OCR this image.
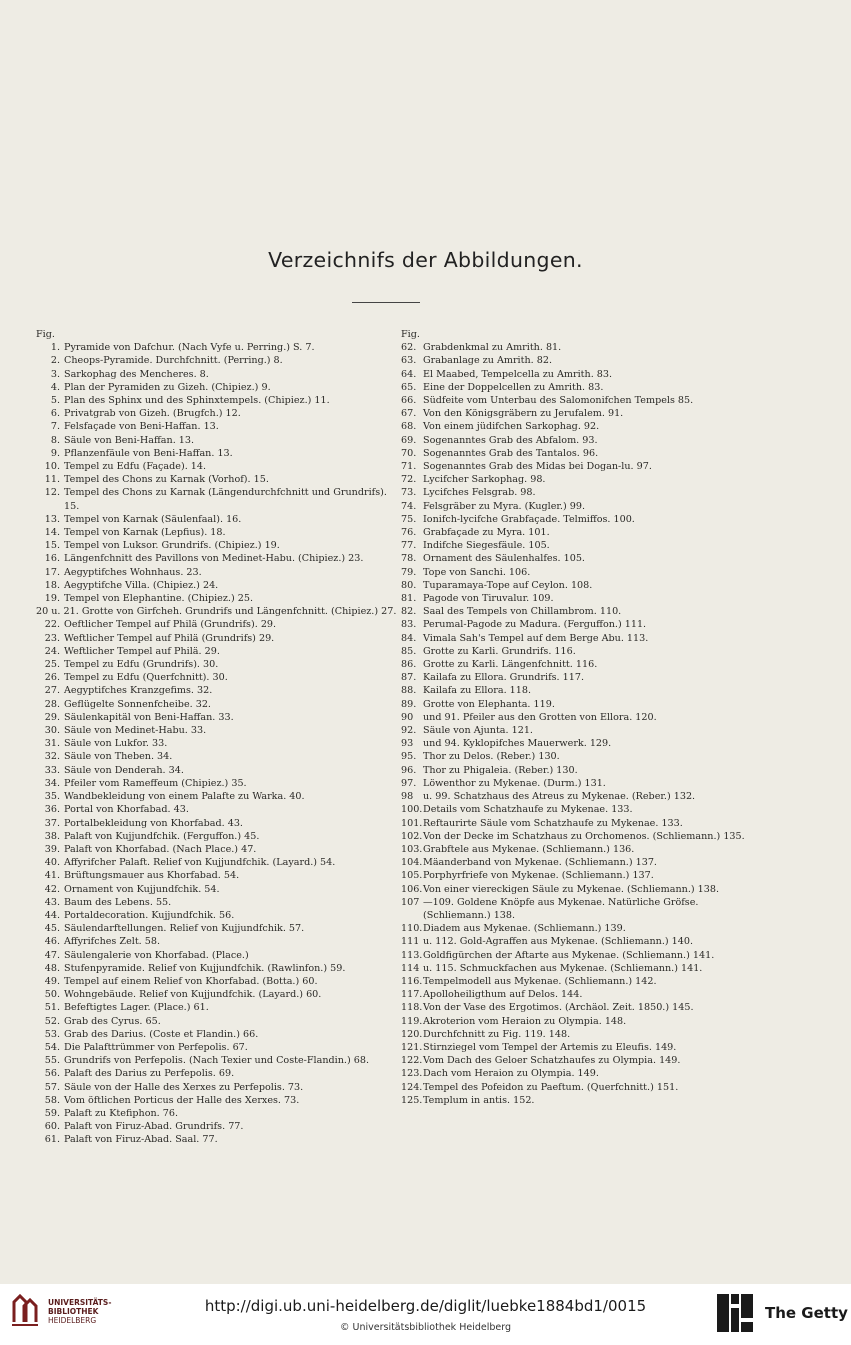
Verzeichnifs der Abbildungen.
Fig.
1. Pyramide von Dafchur. (Nach Vyfe u. Perring.) S. 7.
2. Cheops-Pyramide. Durchfchnitt. (Perring.) 8.
3. Sarkophag des Mencheres. 8.
4. Plan der Pyramiden zu Gizeh. (Chipiez.) 9.
5. Plan des Sphinx und des Sphinxtempels. (Chipiez.) 11.
6. Privatgrab von Gizeh. (Brugfch.) 12.
7. Felsfaçade von Beni-Haffan. 13.
8. Säule von Beni-Haffan. 13.
9. Pflanzenfäule von Beni-Haffan. 13.
10. Tempel zu Edfu (Façade). 14.
11. Tempel des Chons zu Karnak (Vorhof). 15.
12. Tempel des Chons zu Karnak (Längendurchfchnitt und Grundrifs). 15.
13. Tempel von Karnak (Säulenfaal). 16.
14. Tempel von Karnak (Lepfius). 18.
15. Tempel von Luksor. Grundrifs. (Chipiez.) 19.
16. Längenfchnitt des Pavillons von Medinet-Habu. (Chipiez.) 23.
17. Aegyptifches Wohnhaus. 23.
18. Aegyptifche Villa. (Chipiez.) 24.
19. Tempel von Elephantine. (Chipiez.) 25.
20 u. 21. Grotte von Girfcheh. Grundrifs und Längenfchnitt. (Chipiez.) 27.
22. Oeftlicher Tempel auf Philä (Grundrifs). 29.
23. Weftlicher Tempel auf Philä (Grundrifs) 29.
24. Weftlicher Tempel auf Philä. 29.
25. Tempel zu Edfu (Grundrifs). 30.
26. Tempel zu Edfu (Querfchnitt). 30.
27. Aegyptifches Kranzgefims. 32.
28. Geflügelte Sonnenfcheibe. 32.
29. Säulenkapitäl von Beni-Haffan. 33.
30. Säule von Medinet-Habu. 33.
31. Säule von Lukfor. 33.
32. Säule von Theben. 34.
33. Säule von Denderah. 34.
34. Pfeiler vom Rameffeum (Chipiez.) 35.
35. Wandbekleidung von einem Palafte zu Warka. 40.
36. Portal von Khorfabad. 43.
37. Portalbekleidung von Khorfabad. 43.
38. Palaft von Kujjundfchik. (Ferguffon.) 45.
39. Palaft von Khorfabad. (Nach Place.) 47.
40. Affyrifcher Palaft. Relief von Kujjundfchik. (Layard.) 54.
41. Brüftungsmauer aus Khorfabad. 54.
42. Ornament von Kujjundfchik. 54.
43. Baum des Lebens. 55.
44. Portaldecoration. Kujjundfchik. 56.
45. Säulendarftellungen. Relief von Kujjundfchik. 57.
46. Affyrifches Zelt. 58.
47. Säulengalerie von Khorfabad. (Place.)
48. Stufenpyramide. Relief von Kujjundfchik. (Rawlinfon.) 59.
49. Tempel auf einem Relief von Khorfabad. (Botta.) 60.
50. Wohngebäude. Relief von Kujjundfchik. (Layard.) 60.
51. Befeftigtes Lager. (Place.) 61.
52. Grab des Cyrus. 65.
53. Grab des Darius. (Coste et Flandin.) 66.
54. Die Palafttrümmer von Perfepolis. 67.
55. Grundrifs von Perfepolis. (Nach Texier und Coste-Flandin.) 68.
56. Palaft des Darius zu Perfepolis. 69.
57. Säule von der Halle des Xerxes zu Perfepolis. 73.
58. Vom öftlichen Porticus der Halle des Xerxes. 73.
59. Palaft zu Ktefiphon. 76.
60. Palaft von Firuz-Abad. Grundrifs. 77.
61. Palaft von Firuz-Abad. Saal. 77.
Fig.
62. Grabdenkmal zu Amrith. 81.
63. Grabanlage zu Amrith. 82.
64. El Maabed, Tempelcella zu Amrith. 83.
65. Eine der Doppelcellen zu Amrith. 83.
66. Südfeite vom Unterbau des Salomonifchen Tempels 85.
67. Von den Königsgräbern zu Jerufalem. 91.
68. Von einem jüdifchen Sarkophag. 92.
69. Sogenanntes Grab des Abfalom. 93.
70. Sogenanntes Grab des Tantalos. 96.
71. Sogenanntes Grab des Midas bei Dogan-lu. 97.
72. Lycifcher Sarkophag. 98.
73. Lycifches Felsgrab. 98.
74. Felsgräber zu Myra. (Kugler.) 99.
75. Ionifch-lycifche Grabfaçade. Telmiffos. 100.
76. Grabfaçade zu Myra. 101.
77. Indifche Siegesfäule. 105.
78. Ornament des Säulenhalfes. 105.
79. Tope von Sanchi. 106.
80. Tuparamaya-Tope auf Ceylon. 108.
81. Pagode von Tiruvalur. 109.
82. Saal des Tempels von Chillambrom. 110.
83. Perumal-Pagode zu Madura. (Ferguffon.) 111.
84. Vimala Sah's Tempel auf dem Berge Abu. 113.
85. Grotte zu Karli. Grundrifs. 116.
86. Grotte zu Karli. Längenfchnitt. 116.
87. Kailafa zu Ellora. Grundrifs. 117.
88. Kailafa zu Ellora. 118.
89. Grotte von Elephanta. 119.
90	und 91. Pfeiler aus den Grotten von Ellora. 120.
92. Säule von Ajunta. 121.
93	und 94. Kyklopifches Mauerwerk. 129.
95. Thor zu Delos. (Reber.) 130.
96. Thor zu Phigaleia. (Reber.) 130.
97. Löwenthor zu Mykenae. (Durm.) 131.
98	u. 99. Schatzhaus des Atreus zu Mykenae. (Reber.) 132.
100. Details vom Schatzhaufe zu Mykenae. 133.
101. Reftaurirte Säule vom Schatzhaufe zu Mykenae. 133.
102. Von der Decke im Schatzhaus zu Orchomenos. (Schliemann.) 135.
103. Grabftele aus Mykenae. (Schliemann.) 136.
104. Mäanderband von Mykenae. (Schliemann.) 137.
105. Porphyrfriefe von Mykenae. (Schliemann.) 137.
106. Von einer viereckigen Säule zu Mykenae. (Schliemann.) 138.
107 —109. Goldene Knöpfe aus Mykenae. Natürliche Gröfse. (Schliemann.) 138.
110. Diadem aus Mykenae. (Schliemann.) 139.
111 u. 112. Gold-Agraffen aus Mykenae. (Schliemann.) 140.
113. Goldfigürchen der Aftarte aus Mykenae. (Schliemann.) 141.
114 u. 115. Schmuckfachen aus Mykenae. (Schliemann.) 141.
116. Tempelmodell aus Mykenae. (Schliemann.) 142.
117. Apolloheiligthum auf Delos. 144.
118. Von der Vase des Ergotimos. (Archäol. Zeit. 1850.) 145.
119. Akroterion vom Heraion zu Olympia. 148.
120. Durchfchnitt zu Fig. 119. 148.
121. Stirnziegel vom Tempel der Artemis zu Eleufis. 149.
122. Vom Dach des Geloer Schatzhaufes zu Olympia. 149.
123. Dach vom Heraion zu Olympia. 149.
124. Tempel des Pofeidon zu Paeftum. (Querfchnitt.) 151.
125. Templum in antis. 152.
UNIVERSITÄTS-
BIBLIOTHEK
HEIDELBERG
http://digi.ub.uni-heidelberg.de/diglit/luebke1884bd1/0015
© Universitätsbibliothek Heidelberg
The Getty
